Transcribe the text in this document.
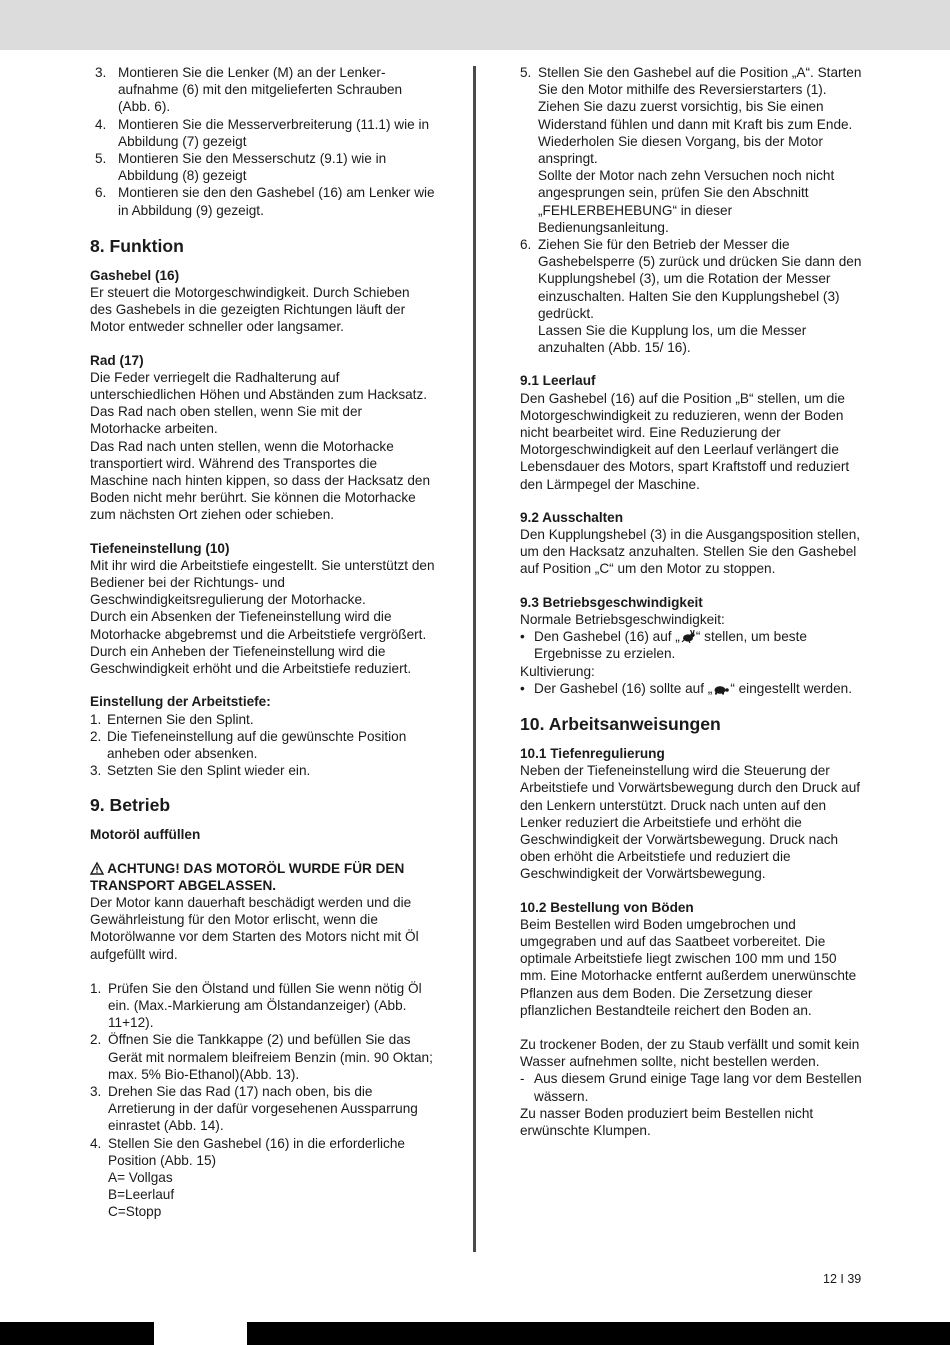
3. Montieren Sie die Lenker (M) an der Lenker-aufnahme (6) mit den mitgelieferten Schrauben (Abb. 6).
4. Montieren Sie die Messerverbreiterung (11.1) wie in Abbildung (7) gezeigt
5. Montieren Sie den Messerschutz (9.1) wie in Abbildung (8) gezeigt
6. Montieren sie den den Gashebel (16) am Lenker wie in Abbildung (9) gezeigt.
8. Funktion

Gashebel (16)

Er steuert die Motorgeschwindigkeit. Durch Schieben des Gashebels in die gezeigten Richtungen läuft der Motor entweder schneller oder langsamer.

Rad (17)

Die Feder verriegelt die Radhalterung auf unterschiedlichen Höhen und Abständen zum Hacksatz. Das Rad nach oben stellen, wenn Sie mit der Motorhacke arbeiten.

Das Rad nach unten stellen, wenn die Motorhacke transportiert wird. Während des Transportes die Maschine nach hinten kippen, so dass der Hacksatz den Boden nicht mehr berührt. Sie können die Motorhacke zum nächsten Ort ziehen oder schieben.

Tiefeneinstellung (10)

Mit ihr wird die Arbeitstiefe eingestellt. Sie unterstützt den Bediener bei der Richtungs- und Geschwindigkeitsregulierung der Motorhacke.

Durch ein Absenken der Tiefeneinstellung wird die Motorhacke abgebremst und die Arbeitstiefe vergrößert. Durch ein Anheben der Tiefeneinstellung wird die Geschwindigkeit erhöht und die Arbeitstiefe reduziert.

Einstellung der Arbeitstiefe:

1. Enternen Sie den Splint.
2. Die Tiefeneinstellung auf die gewünschte Position anheben oder absenken.
3. Setzten Sie den Splint wieder ein.
9. Betrieb

Motoröl auffüllen

ACHTUNG! DAS MOTORÖL WURDE FÜR DEN
TRANSPORT ABGELASSEN.

Der Motor kann dauerhaft beschädigt werden und die Gewährleistung für den Motor erlischt, wenn die Motorölwanne vor dem Starten des Motors nicht mit Öl aufgefüllt wird.

1. Prüfen Sie den Ölstand und füllen Sie wenn nötig Öl ein. (Max.-Markierung am Ölstandanzeiger) (Abb. 11+12).
2. Öffnen Sie die Tankkappe (2) und befüllen Sie das Gerät mit normalem bleifreiem Benzin (min. 90 Oktan; max. 5% Bio-Ethanol)(Abb. 13).
3. Drehen Sie das Rad (17) nach oben, bis die Arretierung in der dafür vorgesehenen Aussparrung einrastet (Abb. 14).
4. Stellen Sie den Gashebel (16) in die erforderliche Position (Abb. 15)
A= Vollgas
B=Leerlauf
C=Stopp
5. Stellen Sie den Gashebel auf die Position „A“. Starten Sie den Motor mithilfe des Reversierstarters (1). Ziehen Sie dazu zuerst vorsichtig, bis Sie einen Widerstand fühlen und dann mit Kraft bis zum Ende. Wiederholen Sie diesen Vorgang, bis der Motor anspringt.
Sollte der Motor nach zehn Versuchen noch nicht angesprungen sein, prüfen Sie den Abschnitt „FEHLERBEHEBUNG“ in dieser Bedienungsanleitung.
6. Ziehen Sie für den Betrieb der Messer die Gashebelsperre (5) zurück und drücken Sie dann den Kupplungshebel (3), um die Rotation der Messer einzuschalten. Halten Sie den Kupplungshebel (3) gedrückt.
Lassen Sie die Kupplung los, um die Messer anzuhalten (Abb. 15/ 16).

9.1 Leerlauf

Den Gashebel (16) auf die Position „B“ stellen, um die Motorgeschwindigkeit zu reduzieren, wenn der Boden nicht bearbeitet wird. Eine Reduzierung der Motorgeschwindigkeit auf den Leerlauf verlängert die Lebensdauer des Motors, spart Kraftstoff und reduziert den Lärmpegel der Maschine.

9.2 Ausschalten

Den Kupplungshebel (3) in die Ausgangsposition stellen, um den Hacksatz anzuhalten. Stellen Sie den Gashebel auf Position „C“ um den Motor zu stoppen.

9.3 Betriebsgeschwindigkeit

Normale Betriebsgeschwindigkeit:

• Den Gashebel (16) auf „ “ stellen, um beste Ergebnisse zu erzielen.

Kultivierung:

• Der Gashebel (16) sollte auf „ “ eingestellt werden.
10. Arbeitsanweisungen

10.1 Tiefenregulierung

Neben der Tiefeneinstellung wird die Steuerung der Arbeitstiefe und Vorwärtsbewegung durch den Druck auf den Lenkern unterstützt. Druck nach unten auf den Lenker reduziert die Arbeitstiefe und erhöht die Geschwindigkeit der Vorwärtsbewegung. Druck nach oben erhöht die Arbeitstiefe und reduziert die Geschwindigkeit der Vorwärtsbewegung.

10.2 Bestellung von Böden

Beim Bestellen wird Boden umgebrochen und umgegraben und auf das Saatbeet vorbereitet. Die optimale Arbeitstiefe liegt zwischen 100 mm und 150 mm. Eine Motorhacke entfernt außerdem unerwünschte Pflanzen aus dem Boden. Die Zersetzung dieser pflanzlichen Bestandteile reichert den Boden an.

Zu trockener Boden, der zu Staub verfällt und somit kein Wasser aufnehmen sollte, nicht bestellen werden.

- Aus diesem Grund einige Tage lang vor dem Bestellen wässern.

Zu nasser Boden produziert beim Bestellen nicht erwünschte Klumpen.

12 I 39
